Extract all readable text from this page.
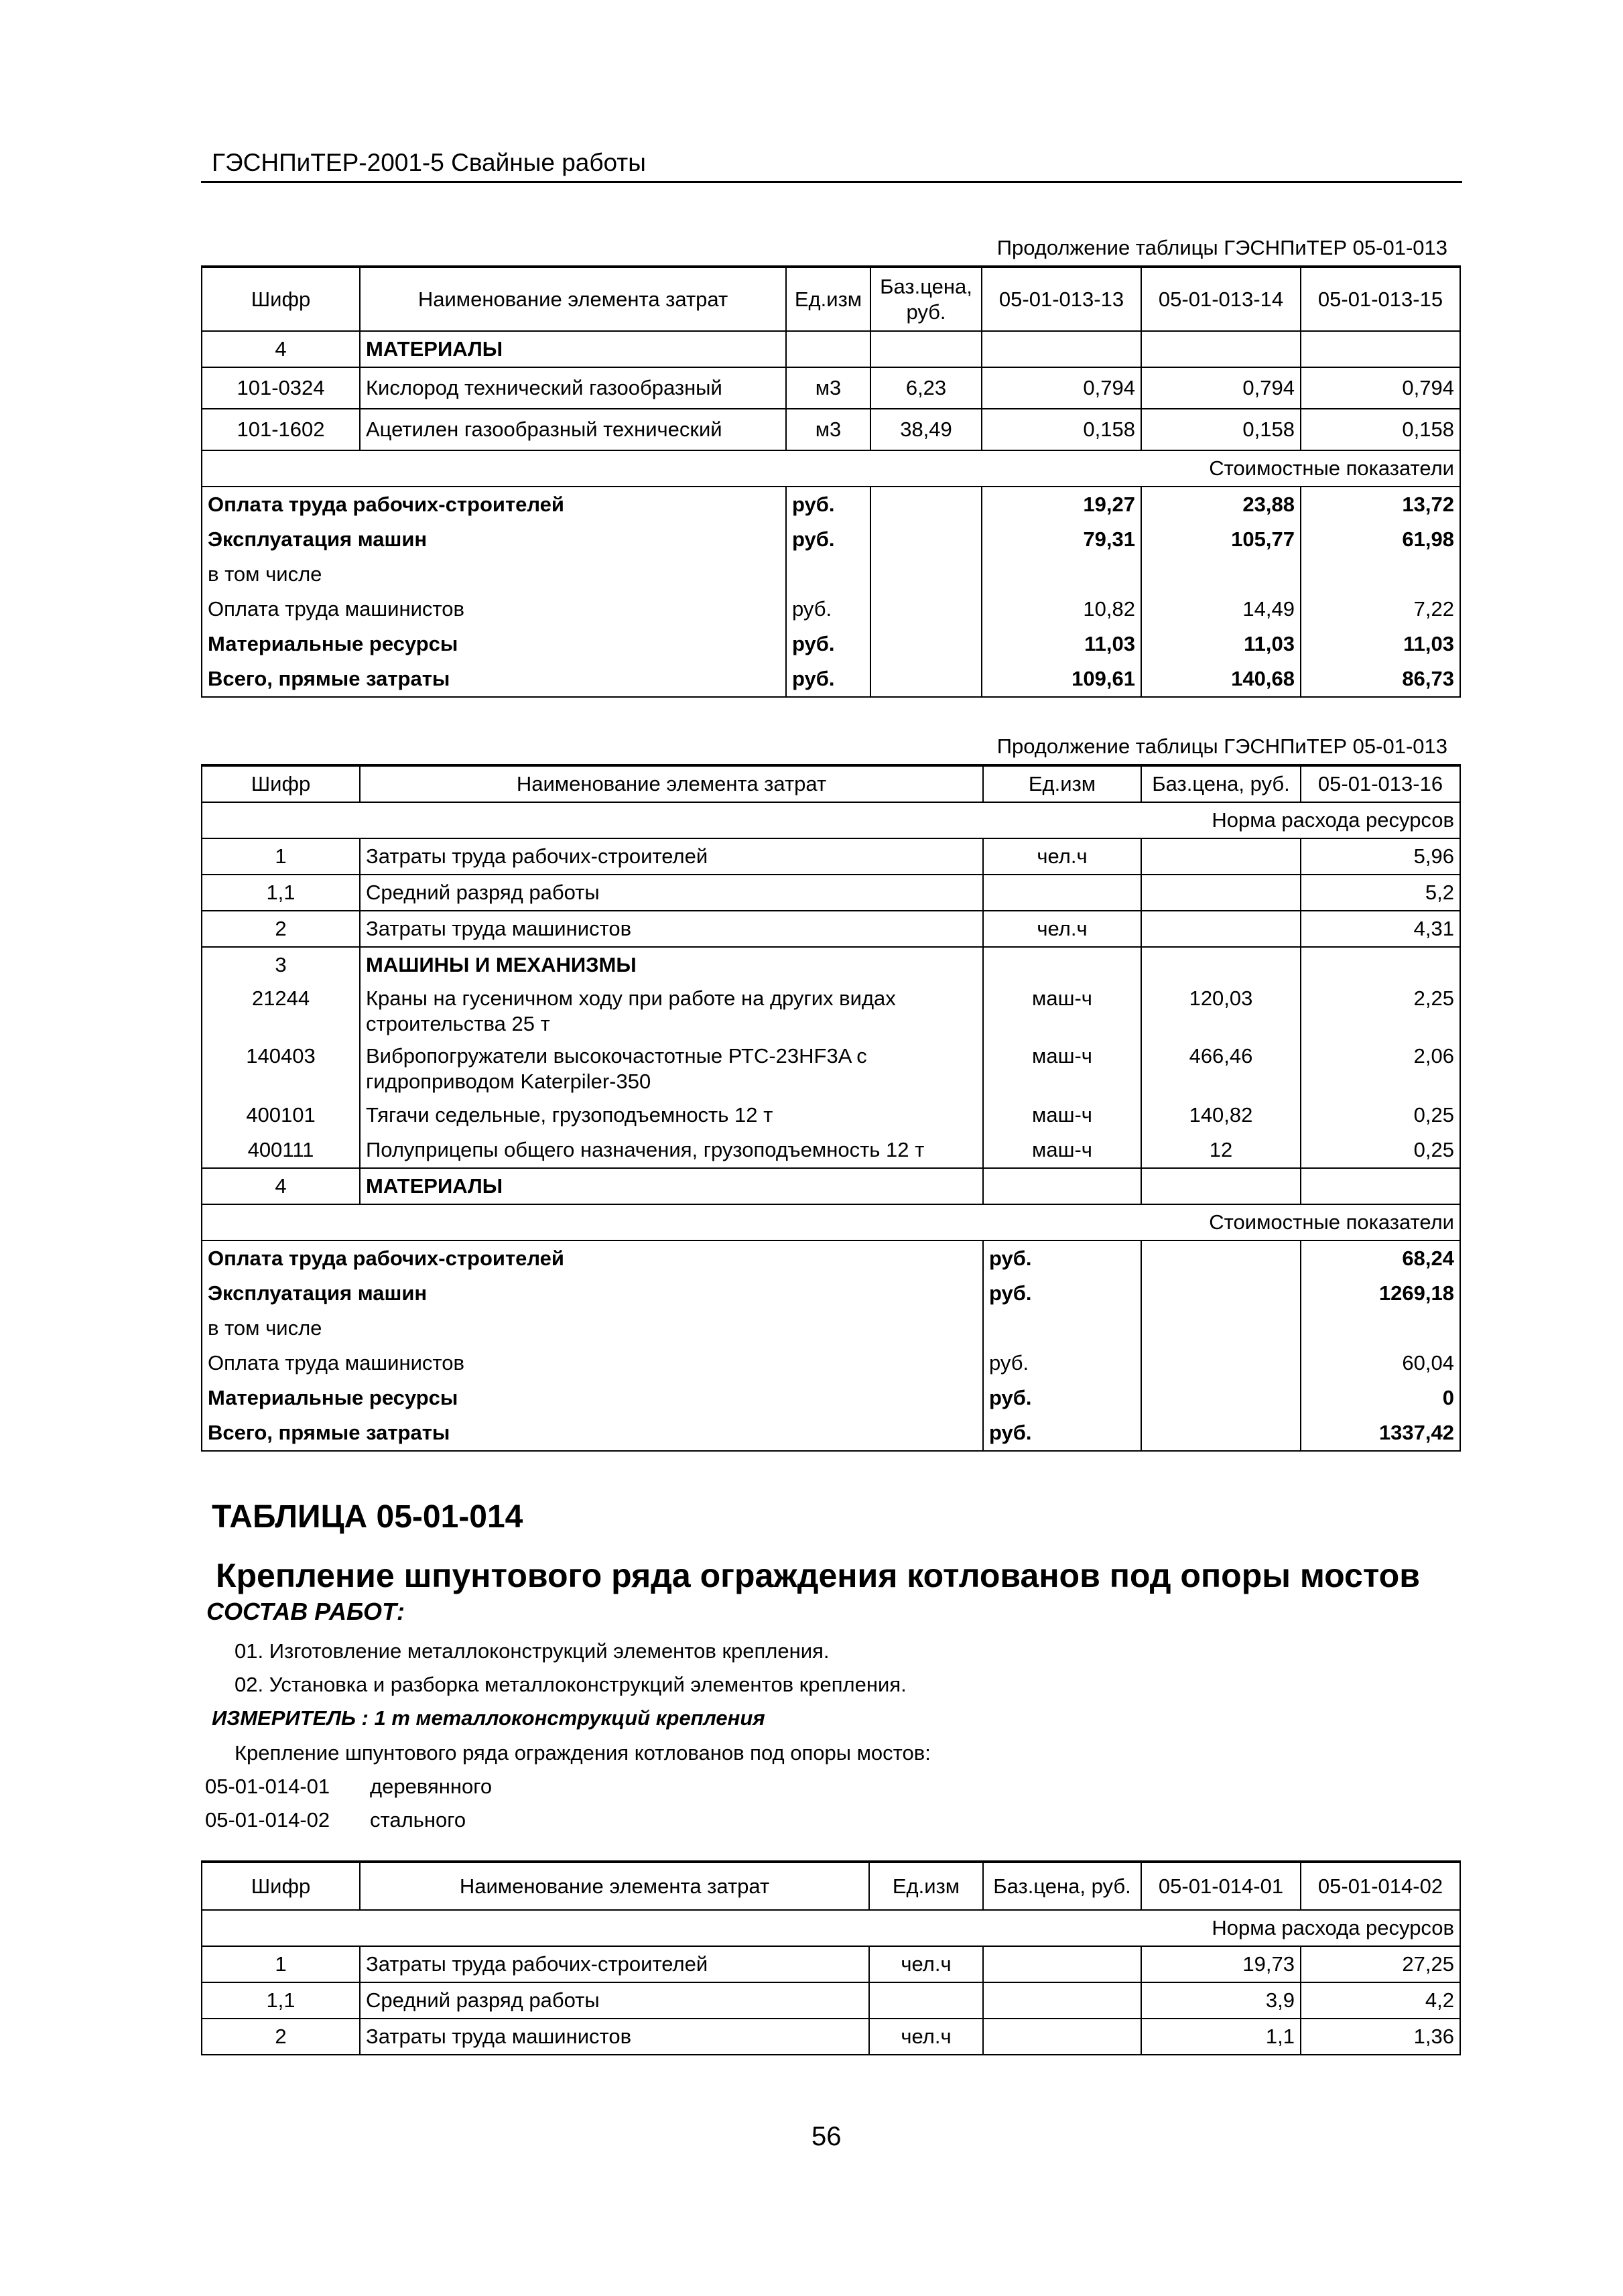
ГЭСНПиТЕР-2001-5 Свайные работы
Продолжение таблицы ГЭСНПиТЕР 05-01-013
Шифр	Наименование элемента затрат	Ед.изм	Баз.цена, руб.	05-01-013-13	05-01-013-14	05-01-013-15
4	МАТЕРИАЛЫ					
101-0324	Кислород технический газообразный	м3	6,23	0,794	0,794	0,794
101-1602	Ацетилен газообразный технический	м3	38,49	0,158	0,158	0,158
Стоимостные показатели						
Оплата труда рабочих-строителей		руб.		19,27	23,88	13,72
Эксплуатация машин		руб.		79,31	105,77	61,98
в том числе						
Оплата труда машинистов		руб.		10,82	14,49	7,22
Материальные ресурсы		руб.		11,03	11,03	11,03
Всего, прямые затраты		руб.		109,61	140,68	86,73
Продолжение таблицы ГЭСНПиТЕР 05-01-013
Шифр	Наименование элемента затрат	Ед.изм	Баз.цена, руб.	05-01-013-16
Норма расхода ресурсов				
1	Затраты труда рабочих-строителей	чел.ч		5,96
1,1	Средний разряд работы			5,2
2	Затраты труда машинистов	чел.ч		4,31
3	МАШИНЫ И МЕХАНИЗМЫ			
21244	Краны на гусеничном ходу при работе на других видах строительства 25 т	маш-ч	120,03	2,25
140403	Вибропогружатели высокочастотные РТС-23HF3A с гидроприводом Katerpiler-350	маш-ч	466,46	2,06
400101	Тягачи седельные, грузоподъемность 12 т	маш-ч	140,82	0,25
400111	Полуприцепы общего назначения, грузоподъемность 12 т	маш-ч	12	0,25
4	МАТЕРИАЛЫ			
Стоимостные показатели				
Оплата труда рабочих-строителей		руб.		68,24
Эксплуатация машин		руб.		1269,18
в том числе				
Оплата труда машинистов		руб.		60,04
Материальные ресурсы		руб.		0
Всего, прямые затраты		руб.		1337,42
ТАБЛИЦА 05-01-014
Крепление шпунтового ряда ограждения котлованов под опоры мостов
СОСТАВ РАБОТ:
01. Изготовление металлоконструкций элементов крепления.
02. Установка и разборка металлоконструкций элементов крепления.
ИЗМЕРИТЕЛЬ : 1 т металлоконструкций крепления
Крепление шпунтового ряда ограждения котлованов под опоры мостов:
05-01-014-01 деревянного
05-01-014-02 стального
Шифр	Наименование элемента затрат	Ед.изм	Баз.цена, руб.	05-01-014-01	05-01-014-02
Норма расхода ресурсов					
1	Затраты труда рабочих-строителей	чел.ч		19,73	27,25
1,1	Средний разряд работы			3,9	4,2
2	Затраты труда машинистов	чел.ч		1,1	1,36
56
